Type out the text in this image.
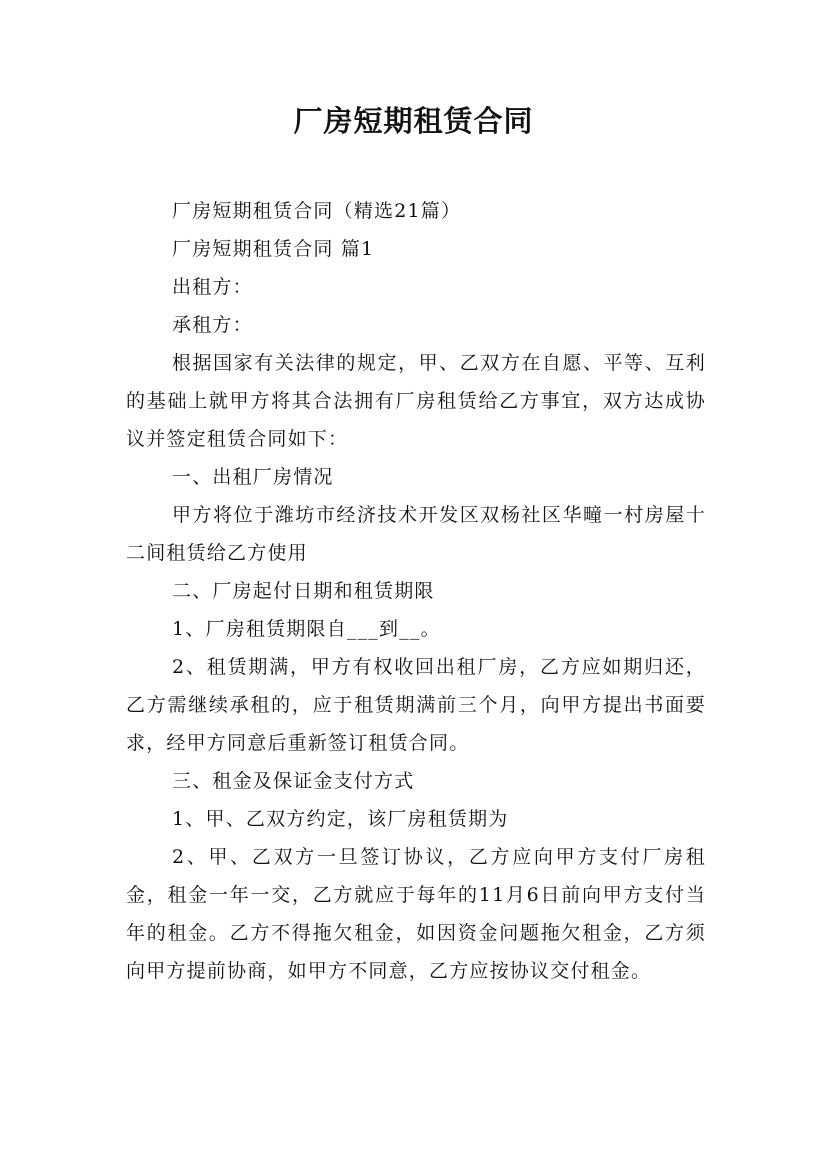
厂房短期租赁合同

厂房短期租赁合同（精选21篇）

厂房短期租赁合同 篇1

出租方：

承租方：

根据国家有关法律的规定，甲、乙双方在自愿、平等、互利的基础上就甲方将其合法拥有厂房租赁给乙方事宜，双方达成协议并签定租赁合同如下：

一、出租厂房情况

甲方将位于潍坊市经济技术开发区双杨社区华疃一村房屋十二间租赁给乙方使用

二、厂房起付日期和租赁期限

1、厂房租赁期限自___到__。

2、租赁期满，甲方有权收回出租厂房，乙方应如期归还，乙方需继续承租的，应于租赁期满前三个月，向甲方提出书面要求，经甲方同意后重新签订租赁合同。

三、租金及保证金支付方式

1、甲、乙双方约定，该厂房租赁期为

2、甲、乙双方一旦签订协议，乙方应向甲方支付厂房租金，租金一年一交，乙方就应于每年的11月6日前向甲方支付当年的租金。乙方不得拖欠租金，如因资金问题拖欠租金，乙方须向甲方提前协商，如甲方不同意，乙方应按协议交付租金。
